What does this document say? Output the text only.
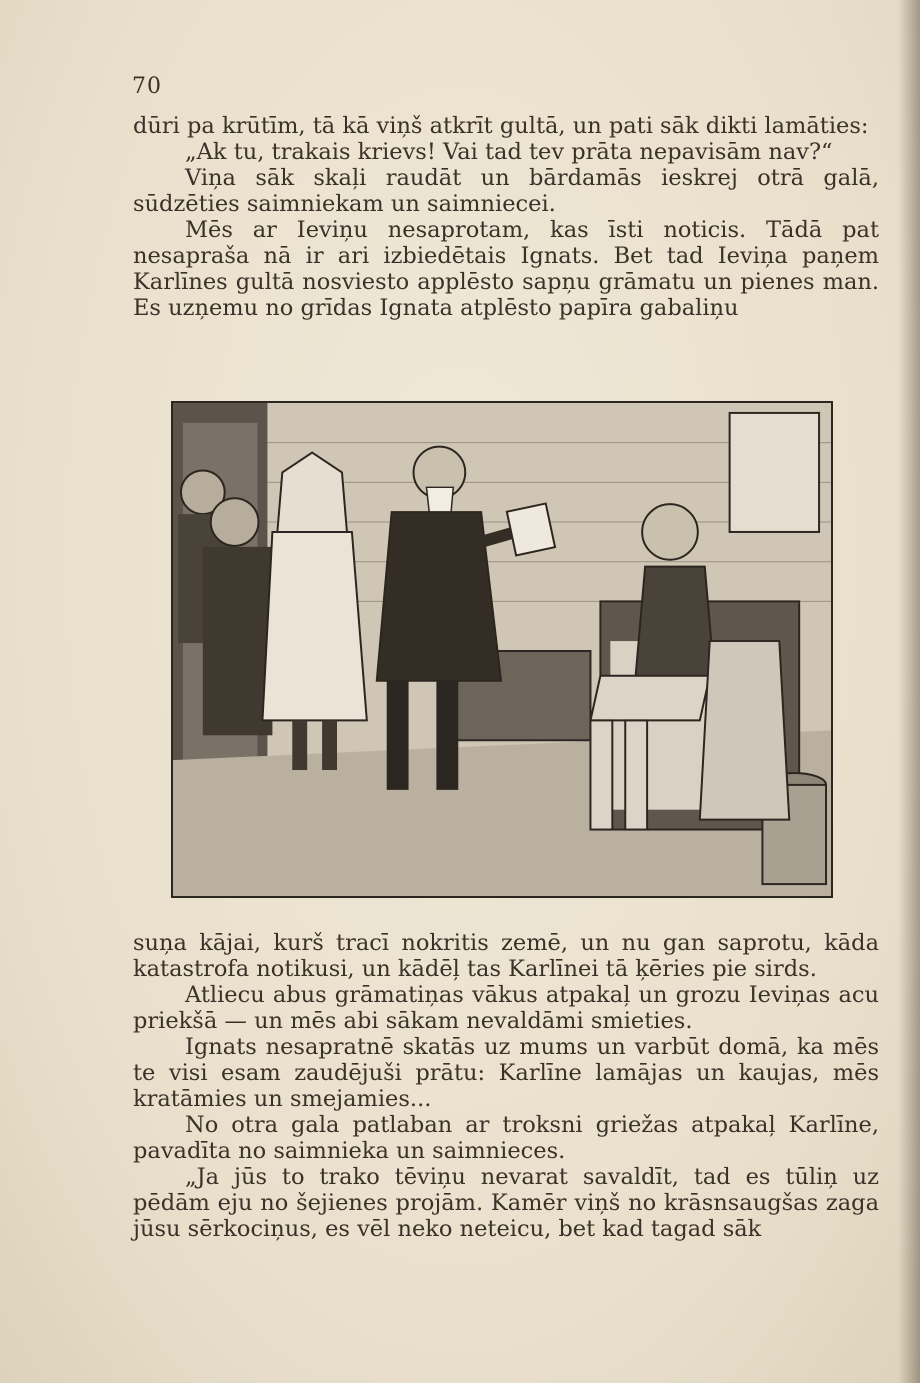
70

dūri pa krūtīm, tā kā viņš atkrīt gultā, un pati sāk dikti lamāties:

„Ak tu, trakais krievs! Vai tad tev prāta nepavisām nav?“

Viņa sāk skaļi raudāt un bārdamās ieskrej otrā galā, sūdzēties saimniekam un saimniecei.

Mēs ar Ieviņu nesaprotam, kas īsti noticis. Tādā pat nesapraša nā ir ari izbiedētais Ignats. Bet tad Ieviņa paņem Karlīnes gultā nosviesto applēsto sapņu grāmatu un pienes man. Es uzņemu no grīdas Ignata atplēsto papīra gabaliņu

suņa kājai, kurš tracī nokritis zemē, un nu gan saprotu, kāda katastrofa notikusi, un kādēļ tas Karlīnei tā ķēries pie sirds.

Atliecu abus grāmatiņas vākus atpakaļ un grozu Ieviņas acu priekšā — un mēs abi sākam nevaldāmi smieties.

Ignats nesapratnē skatās uz mums un varbūt domā, ka mēs te visi esam zaudējuši prātu: Karlīne lamājas un kaujas, mēs kratāmies un smejamies...

No otra gala patlaban ar troksni griežas atpakaļ Karlīne, pavadīta no saimnieka un saimnieces.

„Ja jūs to trako tēviņu nevarat savaldīt, tad es tūliņ uz pēdām eju no šejienes projām. Kamēr viņš no krāsnsaugšas zaga jūsu sērkociņus, es vēl neko neteicu, bet kad tagad sāk
